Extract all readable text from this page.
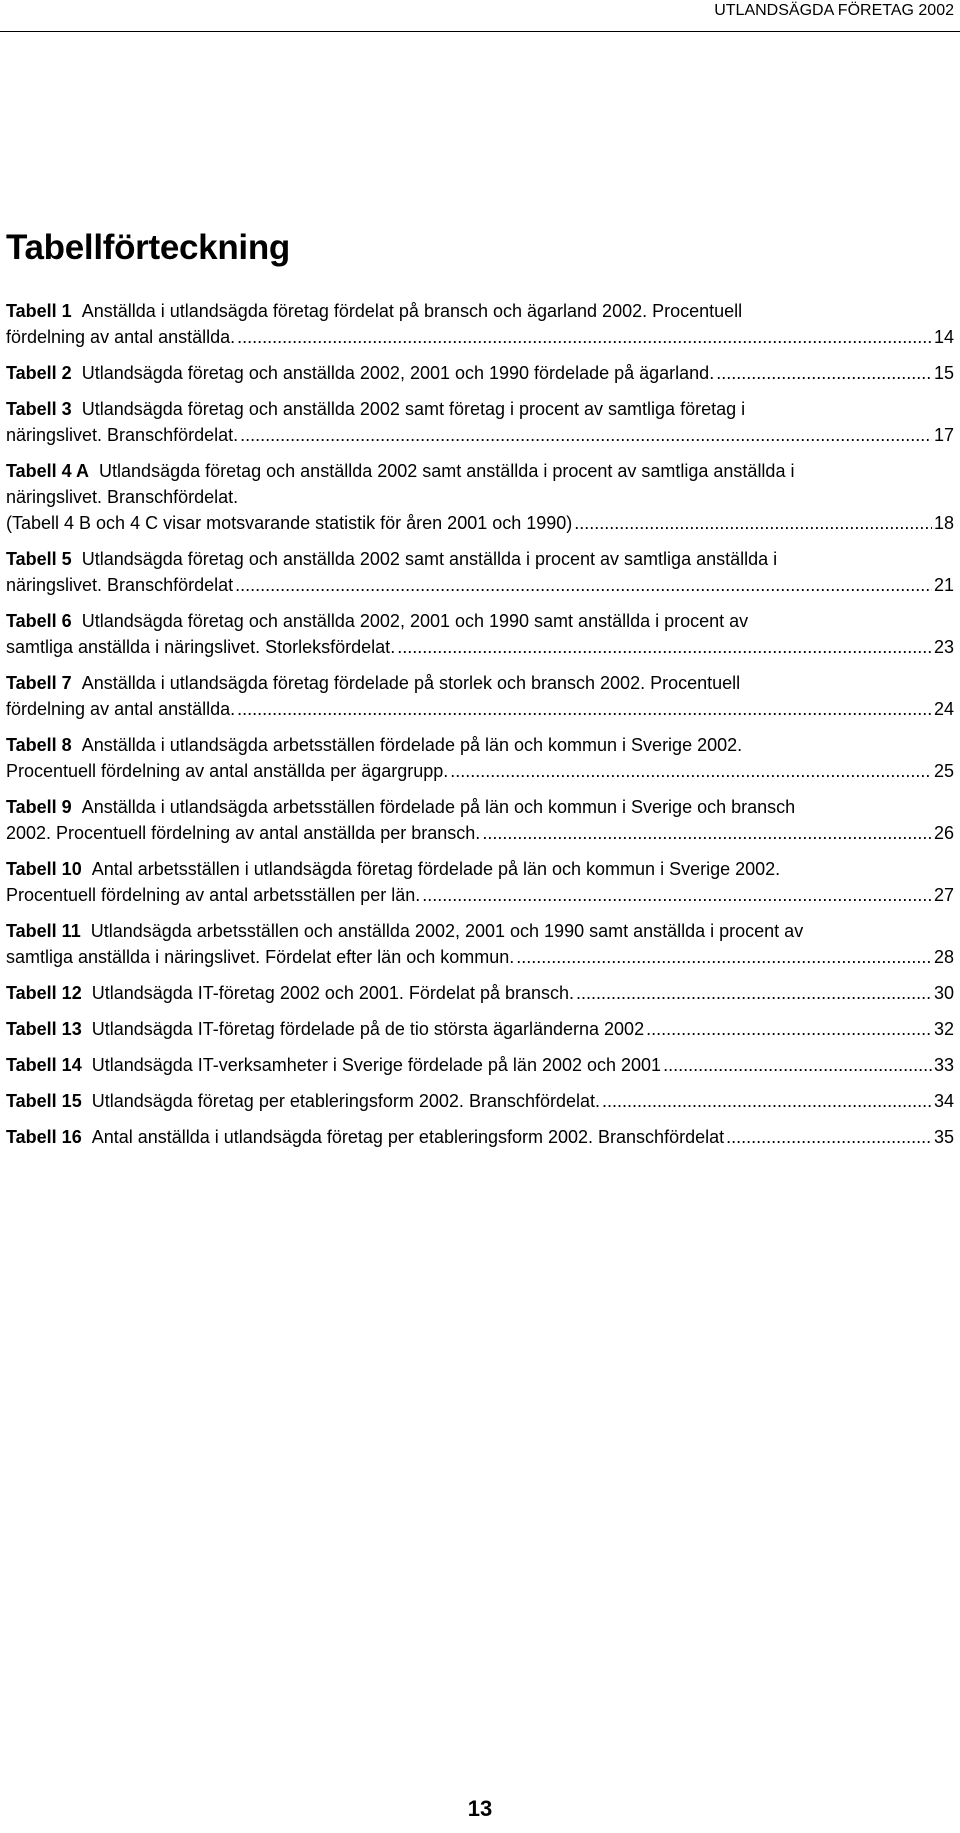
UTLANDSÄGDA FÖRETAG 2002
Tabellförteckning
Tabell 1 Anställda i utlandsägda företag fördelat på bransch och ägarland 2002. Procentuell
fördelning av antal anställda. .....	14
Tabell 2 Utlandsägda företag och anställda 2002, 2001 och 1990 fördelade på ägarland. .....	15
Tabell 3 Utlandsägda företag och anställda 2002 samt företag i procent av samtliga företag i
näringslivet. Branschfördelat. .....	17
Tabell 4 A Utlandsägda företag och anställda 2002 samt anställda i procent av samtliga anställda i
näringslivet. Branschfördelat.
(Tabell 4 B och 4 C visar motsvarande statistik för åren 2001 och 1990) .....	18
Tabell 5 Utlandsägda företag och anställda 2002 samt anställda i procent av samtliga anställda i
näringslivet. Branschfördelat .....	21
Tabell 6 Utlandsägda företag och anställda 2002, 2001 och 1990 samt anställda i procent av
samtliga anställda i näringslivet. Storleksfördelat. .....	23
Tabell 7 Anställda i utlandsägda företag fördelade på storlek och bransch 2002. Procentuell
fördelning av antal anställda. .....	24
Tabell 8 Anställda i utlandsägda arbetsställen fördelade på län och kommun i Sverige 2002.
Procentuell fördelning av antal anställda per ägargrupp. .....	25
Tabell 9 Anställda i utlandsägda arbetsställen fördelade på län och kommun i Sverige och bransch
2002. Procentuell fördelning av antal anställda per bransch. .....	26
Tabell 10 Antal arbetsställen i utlandsägda företag fördelade på län och kommun i Sverige 2002.
Procentuell fördelning av antal arbetsställen per län. .....	27
Tabell 11 Utlandsägda arbetsställen och anställda 2002, 2001 och 1990 samt anställda i procent av
samtliga anställda i näringslivet. Fördelat efter län och kommun. .....	28
Tabell 12 Utlandsägda IT-företag 2002 och 2001. Fördelat på bransch. .....	30
Tabell 13 Utlandsägda IT-företag fördelade på de tio största ägarländerna 2002 .....	32
Tabell 14 Utlandsägda IT-verksamheter i Sverige fördelade på län 2002 och 2001 .....	33
Tabell 15 Utlandsägda företag per etableringsform 2002. Branschfördelat. .....	34
Tabell 16 Antal anställda i utlandsägda företag per etableringsform 2002. Branschfördelat .....	35
13
